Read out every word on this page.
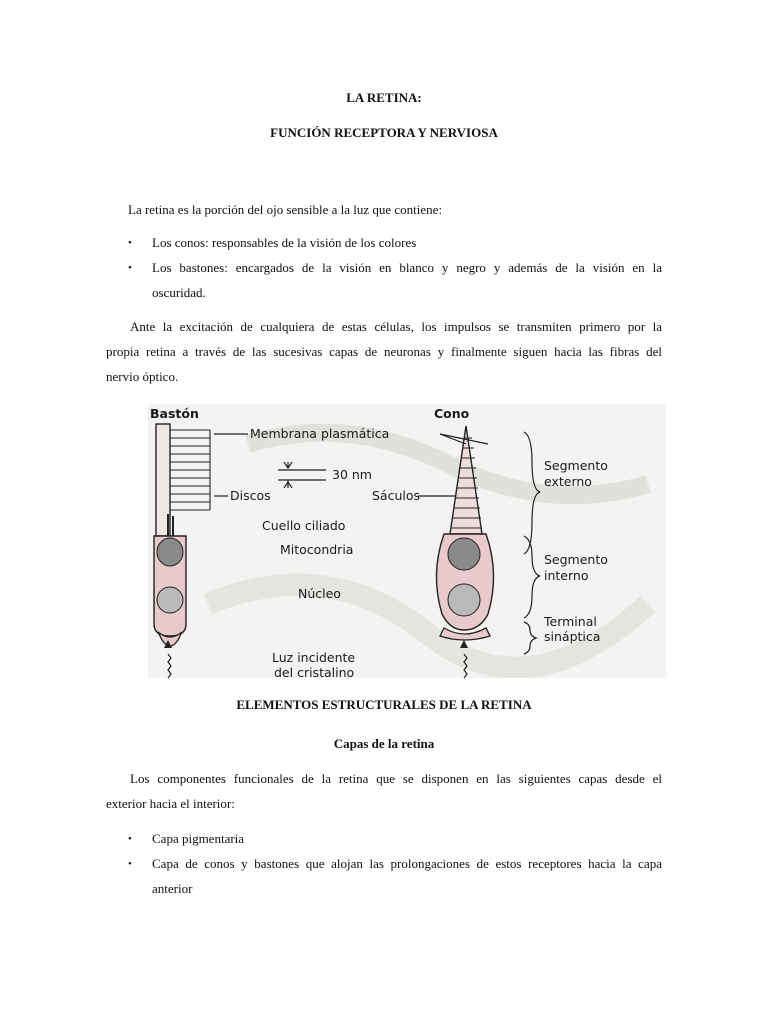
LA RETINA:
FUNCIÓN RECEPTORA Y NERVIOSA
La retina es la porción del ojo sensible a la luz que contiene:
• Los conos: responsables de la visión de los colores
• Los bastones: encargados de la visión en blanco y negro y además de la visión en la
oscuridad.
Ante la excitación de cualquiera de estas células, los impulsos se transmiten primero por la
propia retina a través de las sucesivas capas de neuronas y finalmente siguen hacia las fibras del
nervio óptico.
Bastón	Cono
Membrana plasmática
30 nm
Discos	Sáculos
Cuello ciliado
Mitocondria
Núcleo
Segmento
externo
Segmento
interno
Terminal
sináptica
Luz incidente
del cristalino
ELEMENTOS ESTRUCTURALES DE LA RETINA
Capas de la retina
Los componentes funcionales de la retina que se disponen en las siguientes capas desde el
exterior hacia el interior:
• Capa pigmentaria
• Capa de conos y bastones que alojan las prolongaciones de estos receptores hacia la capa
anterior
